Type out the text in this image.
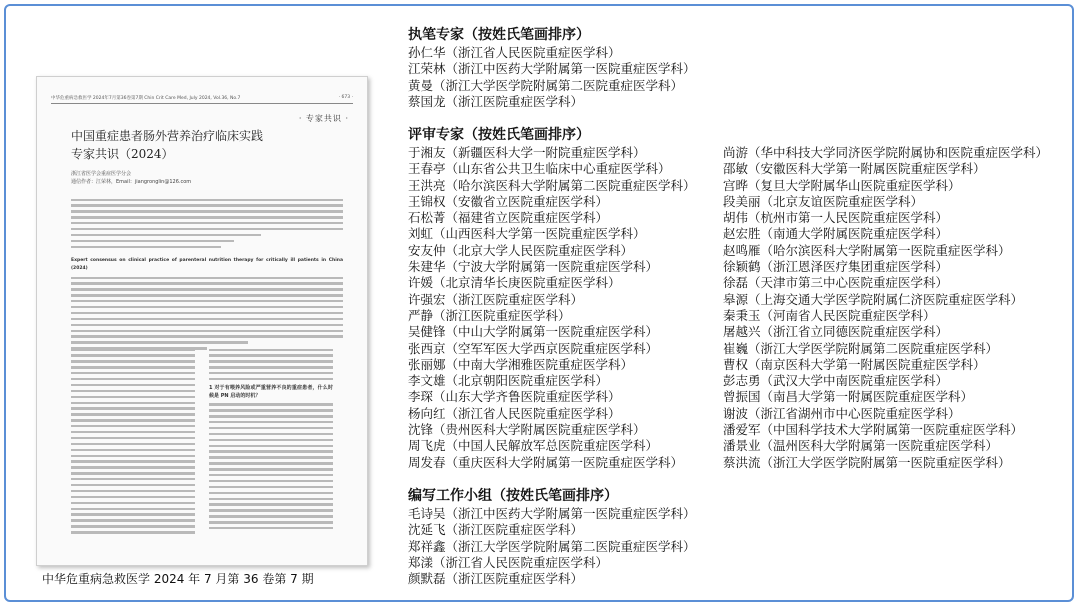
中华危重病急救医学 2024年7月第36卷第7期 Chin Crit Care Med, July 2024, Vol.36, No.7	· 673 ·
· 专家共识 ·
中国重症患者肠外营养治疗临床实践
专家共识（2024）
浙江省医学会重症医学分会
通信作者：江荣林，Email：jiangronglin@126.com
Expert consensus on clinical practice of parenteral nutrition therapy for critically ill patients in China (2024)
1 对于有喂养风险或严重营养不良的重症患者，什么时候是 PN 启动的时机？
中华危重病急救医学 2024 年 7 月第 36 卷第 7 期
执笔专家（按姓氏笔画排序）
孙仁华（浙江省人民医院重症医学科）
江荣林（浙江中医药大学附属第一医院重症医学科）
黄曼（浙江大学医学院附属第二医院重症医学科）
蔡国龙（浙江医院重症医学科）
评审专家（按姓氏笔画排序）
于湘友（新疆医科大学一附院重症医学科）
王春亭（山东省公共卫生临床中心重症医学科）
王洪亮（哈尔滨医科大学附属第二医院重症医学科）
王锦权（安徽省立医院重症医学科）
石松菁（福建省立医院重症医学科）
刘虹（山西医科大学第一医院重症医学科）
安友仲（北京大学人民医院重症医学科）
朱建华（宁波大学附属第一医院重症医学科）
许媛（北京清华长庚医院重症医学科）
许强宏（浙江医院重症医学科）
严静（浙江医院重症医学科）
吴健锋（中山大学附属第一医院重症医学科）
张西京（空军军医大学西京医院重症医学科）
张丽娜（中南大学湘雅医院重症医学科）
李文雄（北京朝阳医院重症医学科）
李琛（山东大学齐鲁医院重症医学科）
杨向红（浙江省人民医院重症医学科）
沈锋（贵州医科大学附属医院重症医学科）
周飞虎（中国人民解放军总医院重症医学科）
周发春（重庆医科大学附属第一医院重症医学科）
尚游（华中科技大学同济医学院附属协和医院重症医学科）
邵敏（安徽医科大学第一附属医院重症医学科）
宫晔（复旦大学附属华山医院重症医学科）
段美丽（北京友谊医院重症医学科）
胡伟（杭州市第一人民医院重症医学科）
赵宏胜（南通大学附属医院重症医学科）
赵鸣雁（哈尔滨医科大学附属第一医院重症医学科）
徐颖鹤（浙江恩泽医疗集团重症医学科）
徐磊（天津市第三中心医院重症医学科）
皋源（上海交通大学医学院附属仁济医院重症医学科）
秦秉玉（河南省人民医院重症医学科）
屠越兴（浙江省立同德医院重症医学科）
崔巍（浙江大学医学院附属第二医院重症医学科）
曹权（南京医科大学第一附属医院重症医学科）
彭志勇（武汉大学中南医院重症医学科）
曾振国（南昌大学第一附属医院重症医学科）
谢波（浙江省湖州市中心医院重症医学科）
潘爱军（中国科学技术大学附属第一医院重症医学科）
潘景业（温州医科大学附属第一医院重症医学科）
蔡洪流（浙江大学医学院附属第一医院重症医学科）
编写工作小组（按姓氏笔画排序）
毛诗吴（浙江中医药大学附属第一医院重症医学科）
沈延飞（浙江医院重症医学科）
郑祥鑫（浙江大学医学院附属第二医院重症医学科）
郑漾（浙江省人民医院重症医学科）
颜默磊（浙江医院重症医学科）
